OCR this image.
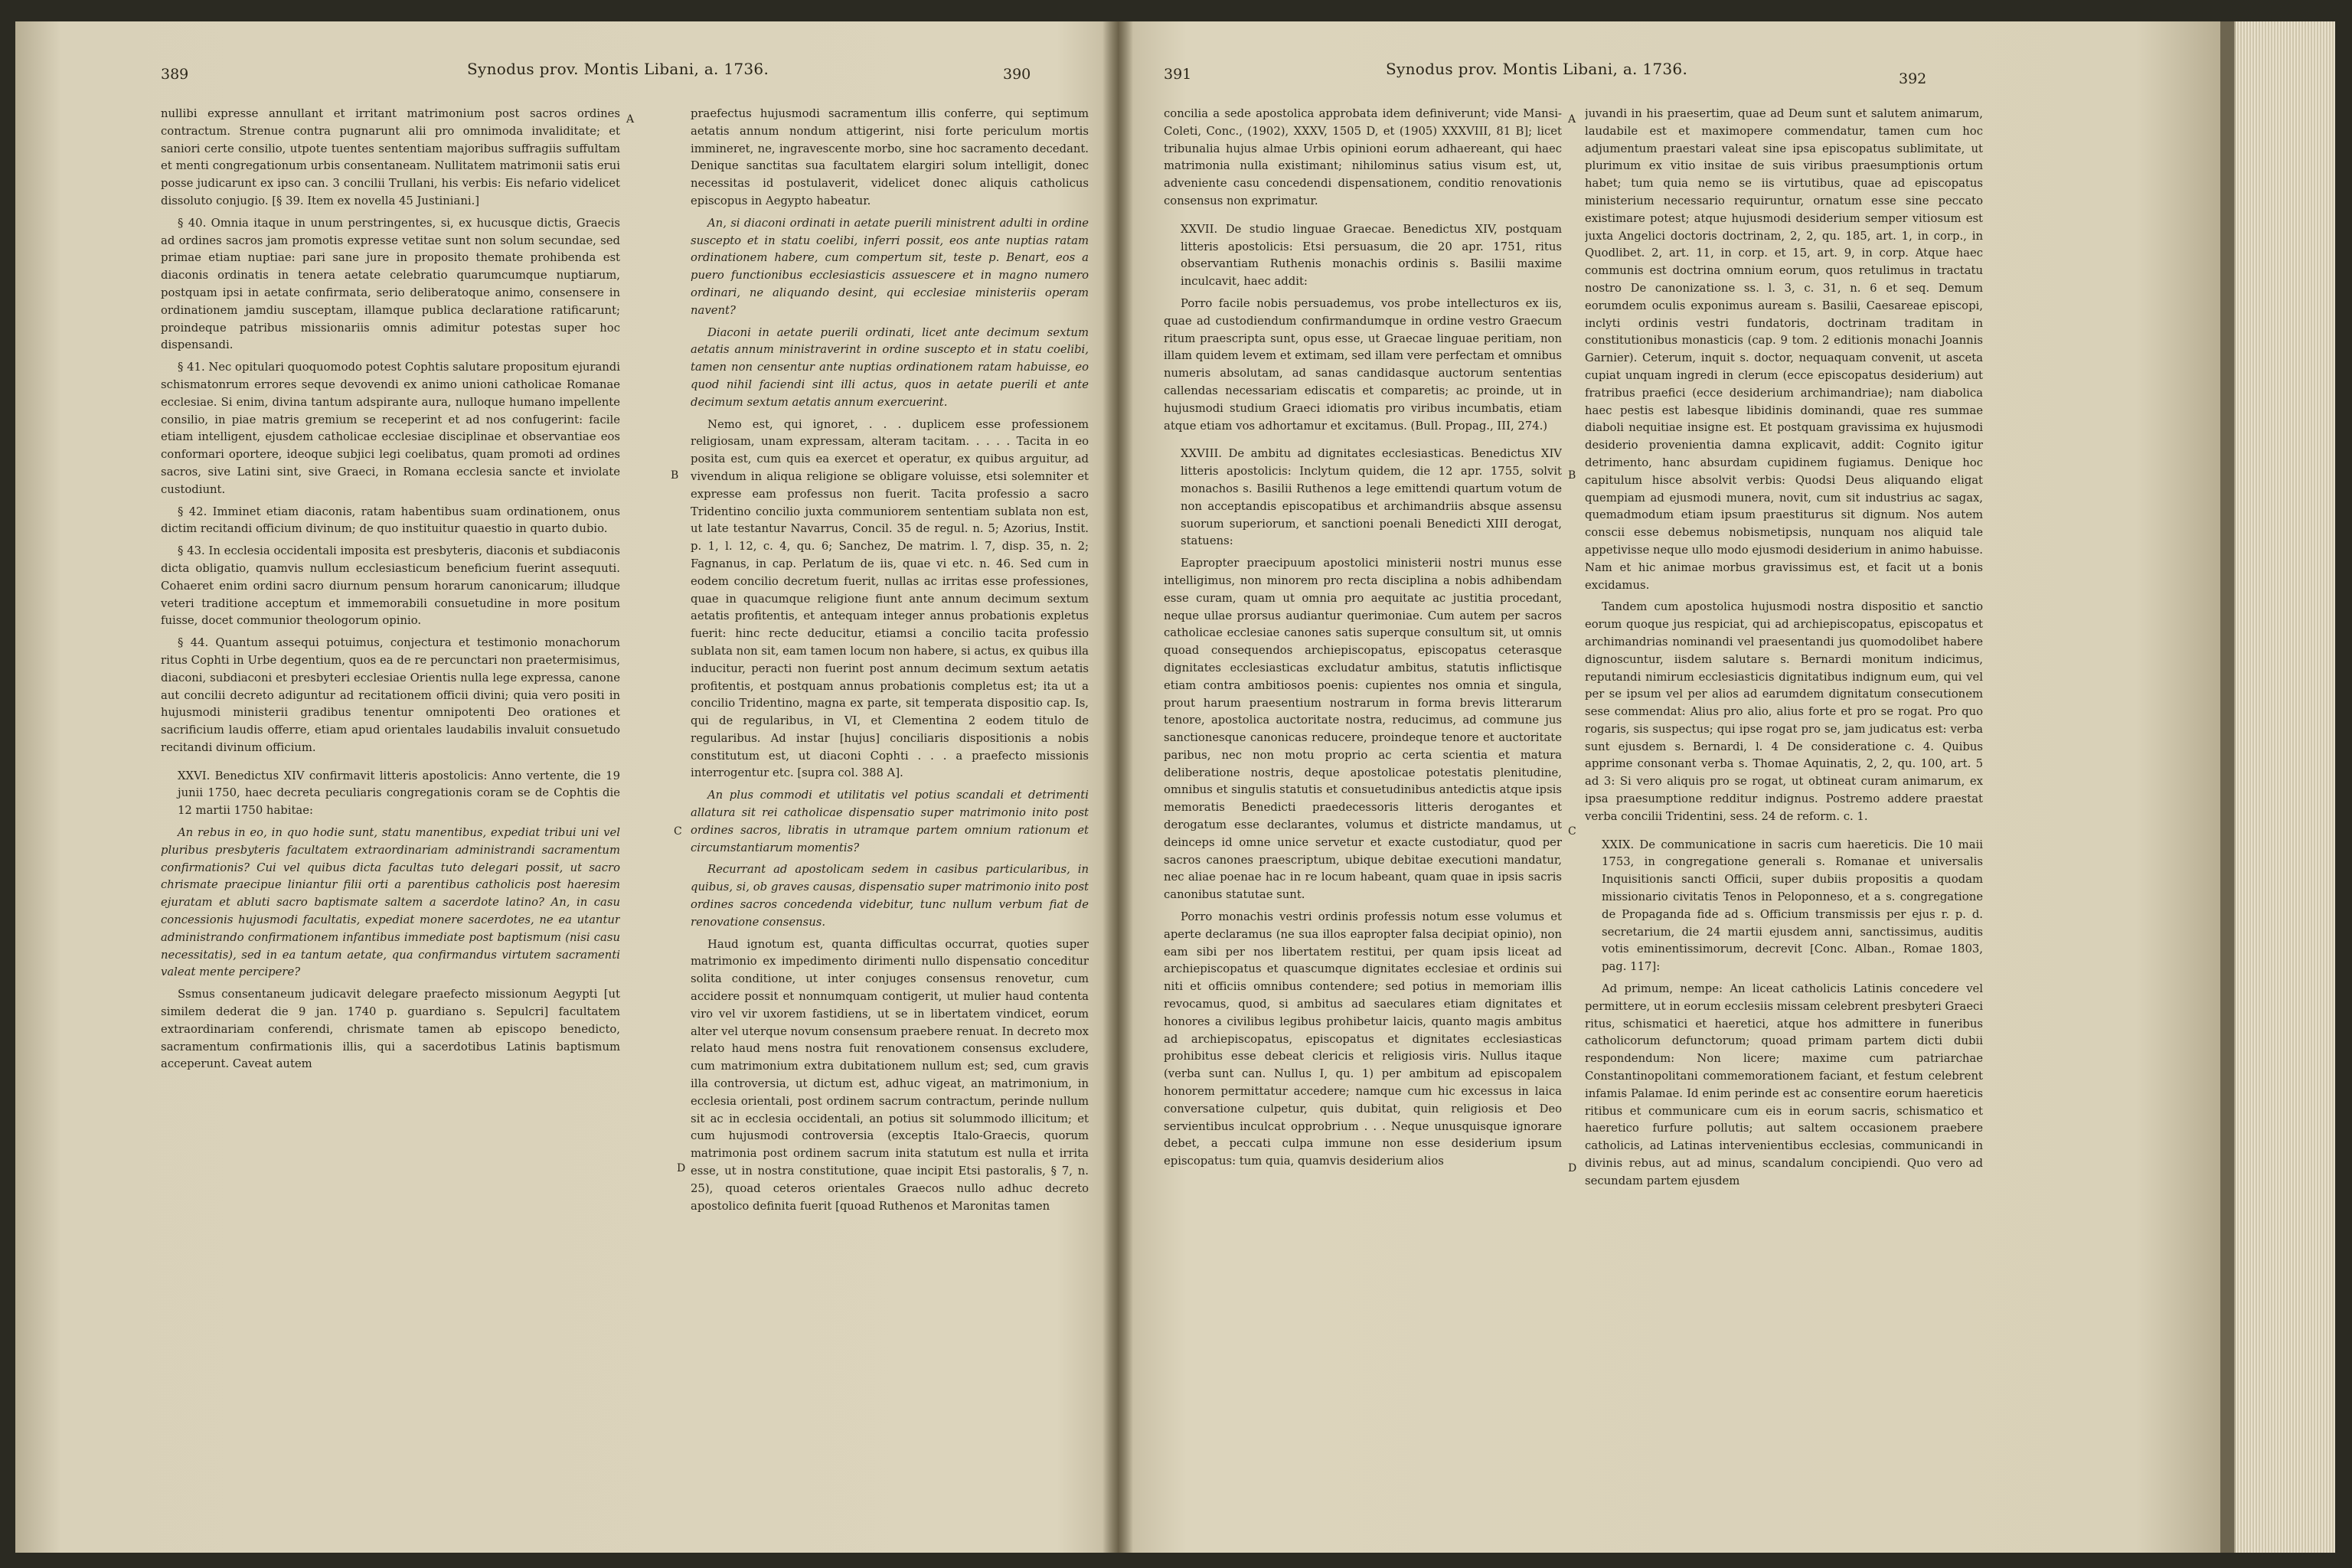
389	Synodus prov. Montis Libani, a. 1736.	390

nullibi expresse annullant et irritant matrimonium post sacros ordines contractum. Strenue contra pugnarunt alii pro omnimoda invaliditate; et saniori certe consilio, utpote tuentes sententiam majoribus suffragiis suffultam et menti congregationum urbis consentaneam. Nullitatem matrimonii satis erui posse judicarunt ex ipso can. 3 concilii Trullani, his verbis: Eis nefario videlicet dissoluto conjugio. [§ 39. Item ex novella 45 Justiniani.]

§ 40. Omnia itaque in unum perstringentes, si, ex hucusque dictis, Graecis ad ordines sacros jam promotis expresse vetitae sunt non solum secundae, sed primae etiam nuptiae: pari sane jure in proposito themate prohibenda est diaconis ordinatis in tenera aetate celebratio quarumcumque nuptiarum, postquam ipsi in aetate confirmata, serio deliberatoque animo, consensere in ordinationem jamdiu susceptam, illamque publica declaratione ratificarunt; proindeque patribus missionariis omnis adimitur potestas super hoc dispensandi.

§ 41. Nec opitulari quoquomodo potest Cophtis salutare propositum ejurandi schismatonrum errores seque devovendi ex animo unioni catholicae Romanae ecclesiae. Si enim, divina tantum adspirante aura, nulloque humano impellente consilio, in piae matris gremium se receperint et ad nos confugerint: facile etiam intelligent, ejusdem catholicae ecclesiae disciplinae et observantiae eos conformari oportere, ideoque subjici legi coelibatus, quam promoti ad ordines sacros, sive Latini sint, sive Graeci, in Romana ecclesia sancte et inviolate custodiunt.

§ 42. Imminet etiam diaconis, ratam habentibus suam ordinationem, onus dictim recitandi officium divinum; de quo instituitur quaestio in quarto dubio.

§ 43. In ecclesia occidentali imposita est presbyteris, diaconis et subdiaconis dicta obligatio, quamvis nullum ecclesiasticum beneficium fuerint assequuti. Cohaeret enim ordini sacro diurnum pensum horarum canonicarum; illudque veteri traditione acceptum et immemorabili consuetudine in more positum fuisse, docet communior theologorum opinio.

§ 44. Quantum assequi potuimus, conjectura et testimonio monachorum ritus Cophti in Urbe degentium, quos ea de re percunctari non praetermisimus, diaconi, subdiaconi et presbyteri ecclesiae Orientis nulla lege expressa, canone aut concilii decreto adiguntur ad recitationem officii divini; quia vero positi in hujusmodi ministerii gradibus tenentur omnipotenti Deo orationes et sacrificium laudis offerre, etiam apud orientales laudabilis invaluit consuetudo recitandi divinum officium.

XXVI. Benedictus XIV confirmavit litteris apostolicis: Anno vertente, die 19 junii 1750, haec decreta peculiaris congregationis coram se de Cophtis die 12 martii 1750 habitae:

An rebus in eo, in quo hodie sunt, statu manentibus, expediat tribui uni vel pluribus presbyteris facultatem extraordinariam administrandi sacramentum confirmationis? Cui vel quibus dicta facultas tuto delegari possit, ut sacro chrismate praecipue liniantur filii orti a parentibus catholicis post haeresim ejuratam et abluti sacro baptismate saltem a sacerdote latino? An, in casu concessionis hujusmodi facultatis, expediat monere sacerdotes, ne ea utantur administrando confirmationem infantibus immediate post baptismum (nisi casu necessitatis), sed in ea tantum aetate, qua confirmandus virtutem sacramenti valeat mente percipere?

Ssmus consentaneum judicavit delegare praefecto missionum Aegypti [ut similem dederat die 9 jan. 1740 p. guardiano s. Sepulcri] facultatem extraordinariam conferendi, chrismate tamen ab episcopo benedicto, sacramentum confirmationis illis, qui a sacerdotibus Latinis baptismum acceperunt. Caveat autem

A
B
C
D

praefectus hujusmodi sacramentum illis conferre, qui septimum aetatis annum nondum attigerint, nisi forte periculum mortis immineret, ne, ingravescente morbo, sine hoc sacramento decedant. Denique sanctitas sua facultatem elargiri solum intelligit, donec necessitas id postulaverit, videlicet donec aliquis catholicus episcopus in Aegypto habeatur.

An, si diaconi ordinati in aetate puerili ministrent adulti in ordine suscepto et in statu coelibi, inferri possit, eos ante nuptias ratam ordinationem habere, cum compertum sit, teste p. Benart, eos a puero functionibus ecclesiasticis assuescere et in magno numero ordinari, ne aliquando desint, qui ecclesiae ministeriis operam navent?

Diaconi in aetate puerili ordinati, licet ante decimum sextum aetatis annum ministraverint in ordine suscepto et in statu coelibi, tamen non censentur ante nuptias ordinationem ratam habuisse, eo quod nihil faciendi sint illi actus, quos in aetate puerili et ante decimum sextum aetatis annum exercuerint.

Nemo est, qui ignoret, . . . duplicem esse professionem religiosam, unam expressam, alteram tacitam. . . . . Tacita in eo posita est, cum quis ea exercet et operatur, ex quibus arguitur, ad vivendum in aliqua religione se obligare voluisse, etsi solemniter et expresse eam professus non fuerit. Tacita professio a sacro Tridentino concilio juxta communiorem sententiam sublata non est, ut late testantur Navarrus, Concil. 35 de regul. n. 5; Azorius, Instit. p. 1, l. 12, c. 4, qu. 6; Sanchez, De matrim. l. 7, disp. 35, n. 2; Fagnanus, in cap. Perlatum de iis, quae vi etc. n. 46. Sed cum in eodem concilio decretum fuerit, nullas ac irritas esse professiones, quae in quacumque religione fiunt ante annum decimum sextum aetatis profitentis, et antequam integer annus probationis expletus fuerit: hinc recte deducitur, etiamsi a concilio tacita professio sublata non sit, eam tamen locum non habere, si actus, ex quibus illa inducitur, peracti non fuerint post annum decimum sextum aetatis profitentis, et postquam annus probationis completus est; ita ut a concilio Tridentino, magna ex parte, sit temperata dispositio cap. Is, qui de regularibus, in VI, et Clementina 2 eodem titulo de regularibus. Ad instar [hujus] conciliaris dispositionis a nobis constitutum est, ut diaconi Cophti . . . a praefecto missionis interrogentur etc. [supra col. 388 A].

An plus commodi et utilitatis vel potius scandali et detrimenti allatura sit rei catholicae dispensatio super matrimonio inito post ordines sacros, libratis in utramque partem omnium rationum et circumstantiarum momentis?

Recurrant ad apostolicam sedem in casibus particularibus, in quibus, si, ob graves causas, dispensatio super matrimonio inito post ordines sacros concedenda videbitur, tunc nullum verbum fiat de renovatione consensus.

Haud ignotum est, quanta difficultas occurrat, quoties super matrimonio ex impedimento dirimenti nullo dispensatio conceditur solita conditione, ut inter conjuges consensus renovetur, cum accidere possit et nonnumquam contigerit, ut mulier haud contenta viro vel vir uxorem fastidiens, ut se in libertatem vindicet, eorum alter vel uterque novum consensum praebere renuat. In decreto mox relato haud mens nostra fuit renovationem consensus excludere, cum matrimonium extra dubitationem nullum est; sed, cum gravis illa controversia, ut dictum est, adhuc vigeat, an matrimonium, in ecclesia orientali, post ordinem sacrum contractum, perinde nullum sit ac in ecclesia occidentali, an potius sit solummodo illicitum; et cum hujusmodi controversia (exceptis Italo-Graecis, quorum matrimonia post ordinem sacrum inita statutum est nulla et irrita esse, ut in nostra constitutione, quae incipit Etsi pastoralis, § 7, n. 25), quoad ceteros orientales Graecos nullo adhuc decreto apostolico definita fuerit [quoad Ruthenos et Maronitas tamen

391	Synodus prov. Montis Libani, a. 1736.
392

concilia a sede apostolica approbata idem definiverunt; vide Mansi-Coleti, Conc., (1902), XXXV, 1505 D, et (1905) XXXVIII, 81 B]; licet tribunalia hujus almae Urbis opinioni eorum adhaereant, qui haec matrimonia nulla existimant; nihilominus satius visum est, ut, adveniente casu concedendi dispensationem, conditio renovationis consensus non exprimatur.

XXVII. De studio linguae Graecae. Benedictus XIV, postquam litteris apostolicis: Etsi persuasum, die 20 apr. 1751, ritus observantiam Ruthenis monachis ordinis s. Basilii maxime inculcavit, haec addit:

Porro facile nobis persuademus, vos probe intellecturos ex iis, quae ad custodiendum confirmandumque in ordine vestro Graecum ritum praescripta sunt, opus esse, ut Graecae linguae peritiam, non illam quidem levem et extimam, sed illam vere perfectam et omnibus numeris absolutam, ad sanas candidasque auctorum sententias callendas necessariam ediscatis et comparetis; ac proinde, ut in hujusmodi studium Graeci idiomatis pro viribus incumbatis, etiam atque etiam vos adhortamur et excitamus. (Bull. Propag., III, 274.)

XXVIII. De ambitu ad dignitates ecclesiasticas. Benedictus XIV litteris apostolicis: Inclytum quidem, die 12 apr. 1755, solvit monachos s. Basilii Ruthenos a lege emittendi quartum votum de non acceptandis episcopatibus et archimandriis absque assensu suorum superiorum, et sanctioni poenali Benedicti XIII derogat, statuens:

Eapropter praecipuum apostolici ministerii nostri munus esse intelligimus, non minorem pro recta disciplina a nobis adhibendam esse curam, quam ut omnia pro aequitate ac justitia procedant, neque ullae prorsus audiantur querimoniae. Cum autem per sacros catholicae ecclesiae canones satis superque consultum sit, ut omnis quoad consequendos archiepiscopatus, episcopatus ceterasque dignitates ecclesiasticas excludatur ambitus, statutis inflictisque etiam contra ambitiosos poenis: cupientes nos omnia et singula, prout harum praesentium nostrarum in forma brevis litterarum tenore, apostolica auctoritate nostra, reducimus, ad commune jus sanctionesque canonicas reducere, proindeque tenore et auctoritate paribus, nec non motu proprio ac certa scientia et matura deliberatione nostris, deque apostolicae potestatis plenitudine, omnibus et singulis statutis et consuetudinibus antedictis atque ipsis memoratis Benedicti praedecessoris litteris derogantes et derogatum esse declarantes, volumus et districte mandamus, ut deinceps id omne unice servetur et exacte custodiatur, quod per sacros canones praescriptum, ubique debitae executioni mandatur, nec aliae poenae hac in re locum habeant, quam quae in ipsis sacris canonibus statutae sunt.

Porro monachis vestri ordinis professis notum esse volumus et aperte declaramus (ne sua illos eapropter falsa decipiat opinio), non eam sibi per nos libertatem restitui, per quam ipsis liceat ad archiepiscopatus et quascumque dignitates ecclesiae et ordinis sui niti et officiis omnibus contendere; sed potius in memoriam illis revocamus, quod, si ambitus ad saeculares etiam dignitates et honores a civilibus legibus prohibetur laicis, quanto magis ambitus ad archiepiscopatus, episcopatus et dignitates ecclesiasticas prohibitus esse debeat clericis et religiosis viris. Nullus itaque (verba sunt can. Nullus I, qu. 1) per ambitum ad episcopalem honorem permittatur accedere; namque cum hic excessus in laica conversatione culpetur, quis dubitat, quin religiosis et Deo servientibus inculcat opprobrium . . . Neque unusquisque ignorare debet, a peccati culpa immune non esse desiderium ipsum episcopatus: tum quia, quamvis desiderium alios

A
B
C
D

juvandi in his praesertim, quae ad Deum sunt et salutem animarum, laudabile est et maximopere commendatur, tamen cum hoc adjumentum praestari valeat sine ipsa episcopatus sublimitate, ut plurimum ex vitio insitae de suis viribus praesumptionis ortum habet; tum quia nemo se iis virtutibus, quae ad episcopatus ministerium necessario requiruntur, ornatum esse sine peccato existimare potest; atque hujusmodi desiderium semper vitiosum est juxta Angelici doctoris doctrinam, 2, 2, qu. 185, art. 1, in corp., in Quodlibet. 2, art. 11, in corp. et 15, art. 9, in corp. Atque haec communis est doctrina omnium eorum, quos retulimus in tractatu nostro De canonizatione ss. l. 3, c. 31, n. 6 et seq. Demum eorumdem oculis exponimus auream s. Basilii, Caesareae episcopi, inclyti ordinis vestri fundatoris, doctrinam traditam in constitutionibus monasticis (cap. 9 tom. 2 editionis monachi Joannis Garnier). Ceterum, inquit s. doctor, nequaquam convenit, ut asceta cupiat unquam ingredi in clerum (ecce episcopatus desiderium) aut fratribus praefici (ecce desiderium archimandriae); nam diabolica haec pestis est labesque libidinis dominandi, quae res summae diaboli nequitiae insigne est. Et postquam gravissima ex hujusmodi desiderio provenientia damna explicavit, addit: Cognito igitur detrimento, hanc absurdam cupidinem fugiamus. Denique hoc capitulum hisce absolvit verbis: Quodsi Deus aliquando eligat quempiam ad ejusmodi munera, novit, cum sit industrius ac sagax, quemadmodum etiam ipsum praestiturus sit dignum. Nos autem conscii esse debemus nobismetipsis, nunquam nos aliquid tale appetivisse neque ullo modo ejusmodi desiderium in animo habuisse. Nam et hic animae morbus gravissimus est, et facit ut a bonis excidamus.

Tandem cum apostolica hujusmodi nostra dispositio et sanctio eorum quoque jus respiciat, qui ad archiepiscopatus, episcopatus et archimandrias nominandi vel praesentandi jus quomodolibet habere dignoscuntur, iisdem salutare s. Bernardi monitum indicimus, reputandi nimirum ecclesiasticis dignitatibus indignum eum, qui vel per se ipsum vel per alios ad earumdem dignitatum consecutionem sese commendat: Alius pro alio, alius forte et pro se rogat. Pro quo rogaris, sis suspectus; qui ipse rogat pro se, jam judicatus est: verba sunt ejusdem s. Bernardi, l. 4 De consideratione c. 4. Quibus apprime consonant verba s. Thomae Aquinatis, 2, 2, qu. 100, art. 5 ad 3: Si vero aliquis pro se rogat, ut obtineat curam animarum, ex ipsa praesumptione redditur indignus. Postremo addere praestat verba concilii Tridentini, sess. 24 de reform. c. 1.

XXIX. De communicatione in sacris cum haereticis. Die 10 maii 1753, in congregatione generali s. Romanae et universalis Inquisitionis sancti Officii, super dubiis propositis a quodam missionario civitatis Tenos in Peloponneso, et a s. congregatione de Propaganda fide ad s. Officium transmissis per ejus r. p. d. secretarium, die 24 martii ejusdem anni, sanctissimus, auditis votis eminentissimorum, decrevit [Conc. Alban., Romae 1803, pag. 117]:

Ad primum, nempe: An liceat catholicis Latinis concedere vel permittere, ut in eorum ecclesiis missam celebrent presbyteri Graeci ritus, schismatici et haeretici, atque hos admittere in funeribus catholicorum defunctorum; quoad primam partem dicti dubii respondendum: Non licere; maxime cum patriarchae Constantinopolitani commemorationem faciant, et festum celebrent infamis Palamae. Id enim perinde est ac consentire eorum haereticis ritibus et communicare cum eis in eorum sacris, schismatico et haeretico furfure pollutis; aut saltem occasionem praebere catholicis, ad Latinas intervenientibus ecclesias, communicandi in divinis rebus, aut ad minus, scandalum concipiendi. Quo vero ad secundam partem ejusdem
